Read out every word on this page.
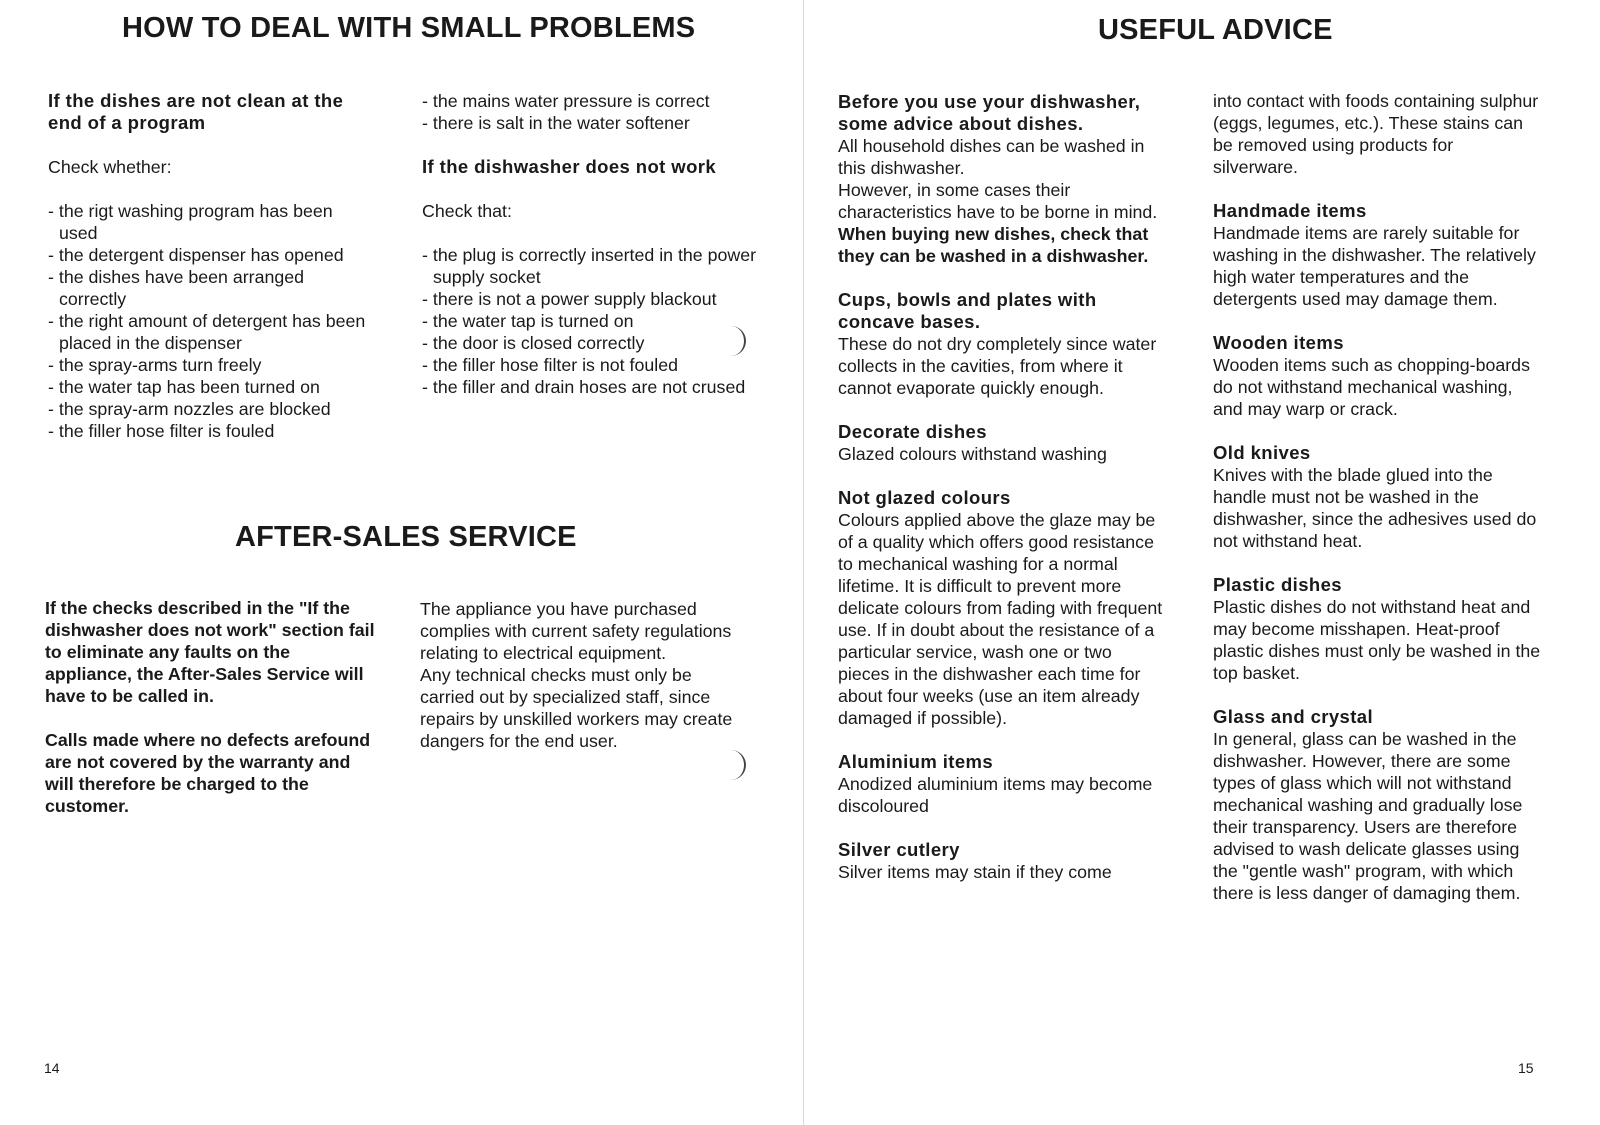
HOW TO DEAL WITH SMALL PROBLEMS

If the dishes are not clean at the end of a program

Check whether:

- the rigt washing program has been used
- the detergent dispenser has opened
- the dishes have been arranged correctly
- the right amount of detergent has been placed in the dispenser
- the spray-arms turn freely
- the water tap has been turned on
- the spray-arm nozzles are blocked
- the filler hose filter is fouled
- the mains water pressure is correct
- there is salt in the water softener

If the dishwasher does not work

Check that:

- the plug is correctly inserted in the power supply socket
- there is not a power supply blackout
- the water tap is turned on
- the door is closed correctly
- the filler hose filter is not fouled
- the filler and drain hoses are not crused
AFTER-SALES SERVICE

If the checks described in the "If the dishwasher does not work" section fail to eliminate any faults on the appliance, the After-Sales Service will have to be called in.

Calls made where no defects arefound are not covered by the warranty and will therefore be charged to the customer.

The appliance you have purchased complies with current safety regulations relating to electrical equipment.

Any technical checks must only be carried out by specialized staff, since repairs by unskilled workers may create dangers for the end user.

14
USEFUL ADVICE

Before you use your dishwasher, some advice about dishes.

All household dishes can be washed in this dishwasher.

However, in some cases their characteristics have to be borne in mind.

When buying new dishes, check that they can be washed in a dishwasher.

Cups, bowls and plates with concave bases.

These do not dry completely since water collects in the cavities, from where it cannot evaporate quickly enough.

Decorate dishes

Glazed colours withstand washing

Not glazed colours

Colours applied above the glaze may be of a quality which offers good resistance to mechanical washing for a normal lifetime. It is difficult to prevent more delicate colours from fading with frequent use. If in doubt about the resistance of a particular service, wash one or two pieces in the dishwasher each time for about four weeks (use an item already damaged if possible).

Aluminium items

Anodized aluminium items may become discoloured

Silver cutlery

Silver items may stain if they come

into contact with foods containing sulphur (eggs, legumes, etc.). These stains can be removed using products for silverware.

Handmade items

Handmade items are rarely suitable for washing in the dishwasher. The relatively high water temperatures and the detergents used may damage them.

Wooden items

Wooden items such as chopping-boards do not withstand mechanical washing, and may warp or crack.

Old knives

Knives with the blade glued into the handle must not be washed in the dishwasher, since the adhesives used do not withstand heat.

Plastic dishes

Plastic dishes do not withstand heat and may become misshapen. Heat-proof plastic dishes must only be washed in the top basket.

Glass and crystal

In general, glass can be washed in the dishwasher. However, there are some types of glass which will not withstand mechanical washing and gradually lose their transparency. Users are therefore advised to wash delicate glasses using the "gentle wash" program, with which there is less danger of damaging them.

15
